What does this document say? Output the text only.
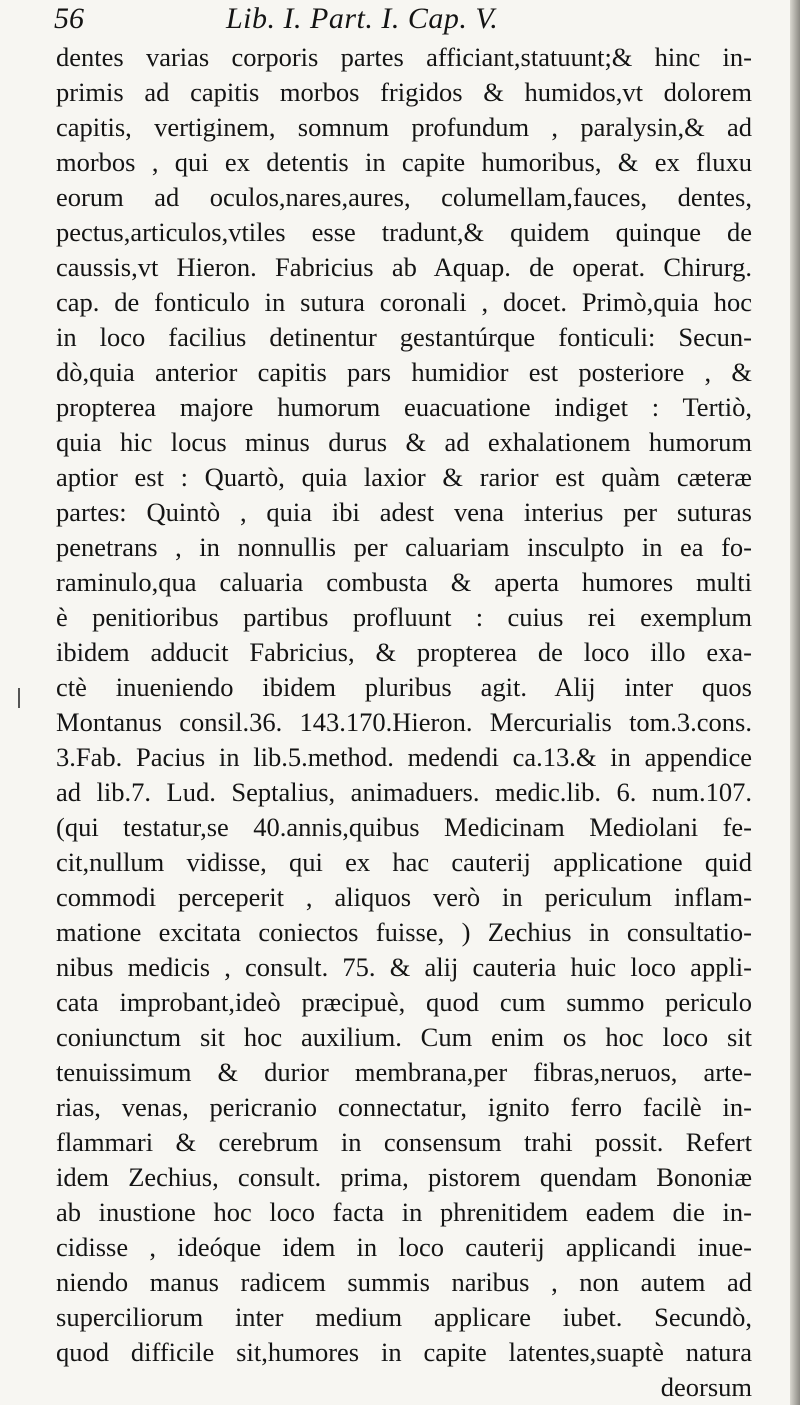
56	Lib. I. Part. I. Cap. V.
dentes varias corporis partes afficiant,statuunt;& hinc in-
primis ad capitis morbos frigidos & humidos,vt dolorem
capitis, vertiginem, somnum profundum , paralysin,& ad
morbos , qui ex detentis in capite humoribus, & ex fluxu
eorum ad oculos,nares,aures, columellam,fauces, dentes,
pectus,articulos,vtiles esse tradunt,& quidem quinque de
caussis,vt Hieron. Fabricius ab Aquap. de operat. Chirurg.
cap. de fonticulo in sutura coronali , docet. Primò,quia hoc
in loco facilius detinentur gestantúrque fonticuli: Secun-
dò,quia anterior capitis pars humidior est posteriore , &
propterea majore humorum euacuatione indiget : Tertiò,
quia hic locus minus durus & ad exhalationem humorum
aptior est : Quartò, quia laxior & rarior est quàm cæteræ
partes: Quintò , quia ibi adest vena interius per suturas
penetrans , in nonnullis per caluariam insculpto in ea fo-
raminulo,qua caluaria combusta & aperta humores multi
è penitioribus partibus profluunt : cuius rei exemplum
ibidem adducit Fabricius, & propterea de loco illo exa-
ctè inueniendo ibidem pluribus agit. Alij inter quos
Montanus consil.36. 143.170.Hieron. Mercurialis tom.3.cons.
3.Fab. Pacius in lib.5.method. medendi ca.13.& in appendice
ad lib.7. Lud. Septalius, animaduers. medic.lib. 6. num.107.
(qui testatur,se 40.annis,quibus Medicinam Mediolani fe-
cit,nullum vidisse, qui ex hac cauterij applicatione quid
commodi perceperit , aliquos verò in periculum inflam-
matione excitata coniectos fuisse, ) Zechius in consultatio-
nibus medicis , consult. 75. & alij cauteria huic loco appli-
cata improbant,ideò præcipuè, quod cum summo periculo
coniunctum sit hoc auxilium. Cum enim os hoc loco sit
tenuissimum & durior membrana,per fibras,neruos, arte-
rias, venas, pericranio connectatur, ignito ferro facilè in-
flammari & cerebrum in consensum trahi possit. Refert
idem Zechius, consult. prima, pistorem quendam Bononiæ
ab inustione hoc loco facta in phrenitidem eadem die in-
cidisse , ideóque idem in loco cauterij applicandi inue-
niendo manus radicem summis naribus , non autem ad
superciliorum inter medium applicare iubet. Secundò,
quod difficile sit,humores in capite latentes,suaptè natura
deorsum
